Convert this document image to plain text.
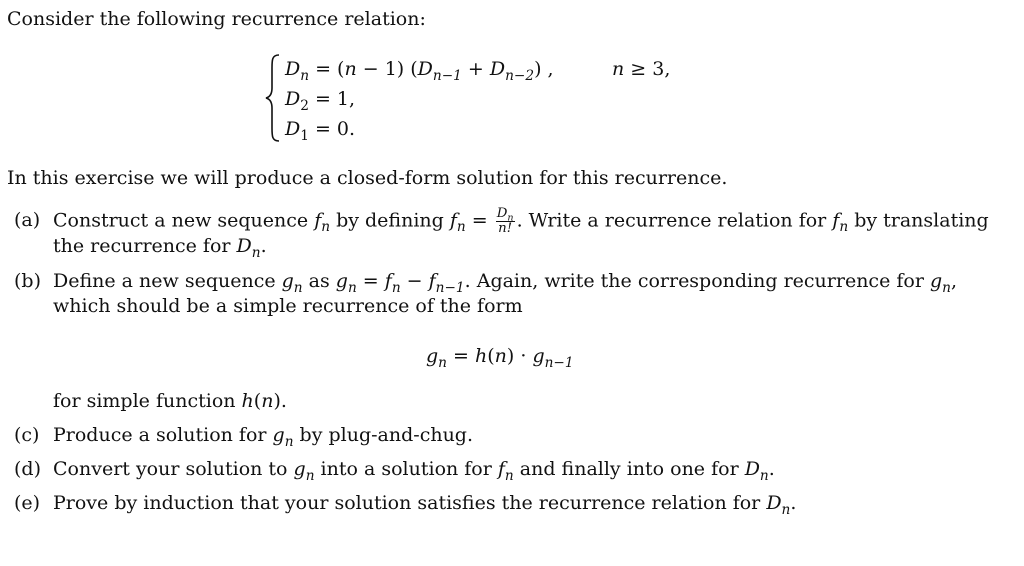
Consider the following recurrence relation:
$D_n = (n - 1) (D_{n-1} + D_{n-2})$ ,	n ≥ 3,
$D_2 = 1$,
$D_1 = 0$.
In this exercise we will produce a closed-form solution for this recurrence.
(a) Construct a new sequence $f_n$ by defining $f_n = \frac{D_n}{n!}$ . Write a recurrence relation for $f_n$ by translating
the recurrence for $D_n$.
(b) Define a new sequence $g_n$ as $g_n = f_n - f_{n-1}$. Again, write the corresponding recurrence for $g_n$,
which should be a simple recurrence of the form
$g_n = h(n) \cdot g_{n-1}$
for simple function h(n).
(c) Produce a solution for $g_n$ by plug-and-chug.
(d) Convert your solution to $g_n$ into a solution for $f_n$ and finally into one for $D_n$.
(e) Prove by induction that your solution satisfies the recurrence relation for $D_n$.
